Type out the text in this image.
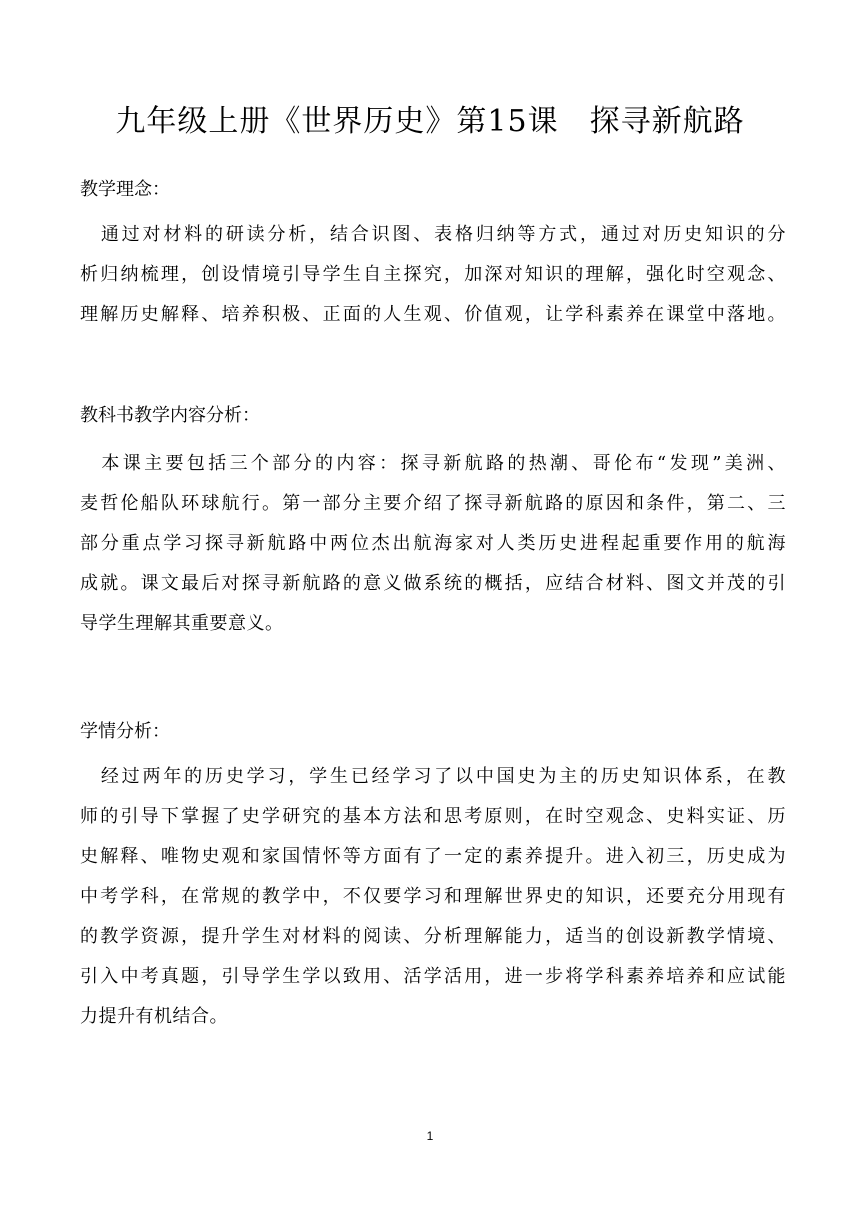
九年级上册《世界历史》第15课　探寻新航路
教学理念：
　通过对材料的研读分析，结合识图、表格归纳等方式，通过对历史知识的分
析归纳梳理，创设情境引导学生自主探究，加深对知识的理解，强化时空观念、
理解历史解释、培养积极、正面的人生观、价值观，让学科素养在课堂中落地。
教科书教学内容分析：
　本课主要包括三个部分的内容：探寻新航路的热潮、哥伦布“发现”美洲、
麦哲伦船队环球航行。第一部分主要介绍了探寻新航路的原因和条件，第二、三
部分重点学习探寻新航路中两位杰出航海家对人类历史进程起重要作用的航海
成就。课文最后对探寻新航路的意义做系统的概括，应结合材料、图文并茂的引
导学生理解其重要意义。
学情分析：
　经过两年的历史学习，学生已经学习了以中国史为主的历史知识体系，在教
师的引导下掌握了史学研究的基本方法和思考原则，在时空观念、史料实证、历
史解释、唯物史观和家国情怀等方面有了一定的素养提升。进入初三，历史成为
中考学科，在常规的教学中，不仅要学习和理解世界史的知识，还要充分用现有
的教学资源，提升学生对材料的阅读、分析理解能力，适当的创设新教学情境、
引入中考真题，引导学生学以致用、活学活用，进一步将学科素养培养和应试能
力提升有机结合。
1
